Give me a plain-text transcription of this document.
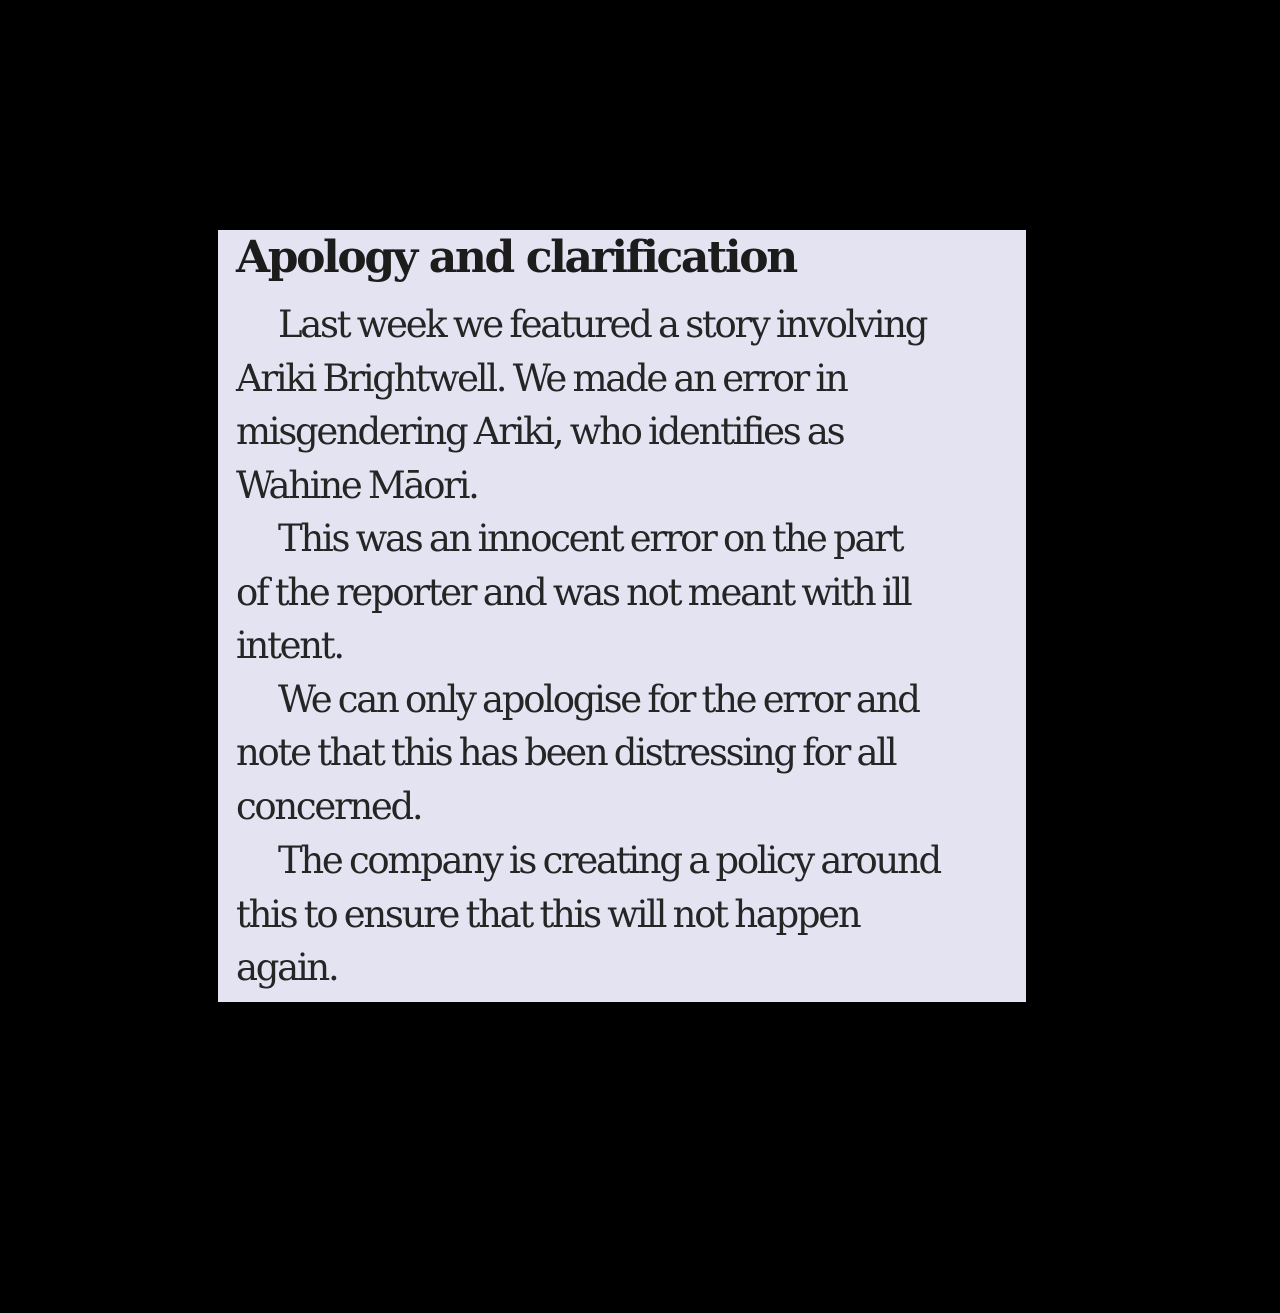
Apology and clarification

Last week we featured a story involving

Ariki Brightwell. We made an error in

misgendering Ariki, who identifies as

Wahine Māori.

This was an innocent error on the part

of the reporter and was not meant with ill

intent.

We can only apologise for the error and

note that this has been distressing for all

concerned.

The company is creating a policy around

this to ensure that this will not happen

again.
